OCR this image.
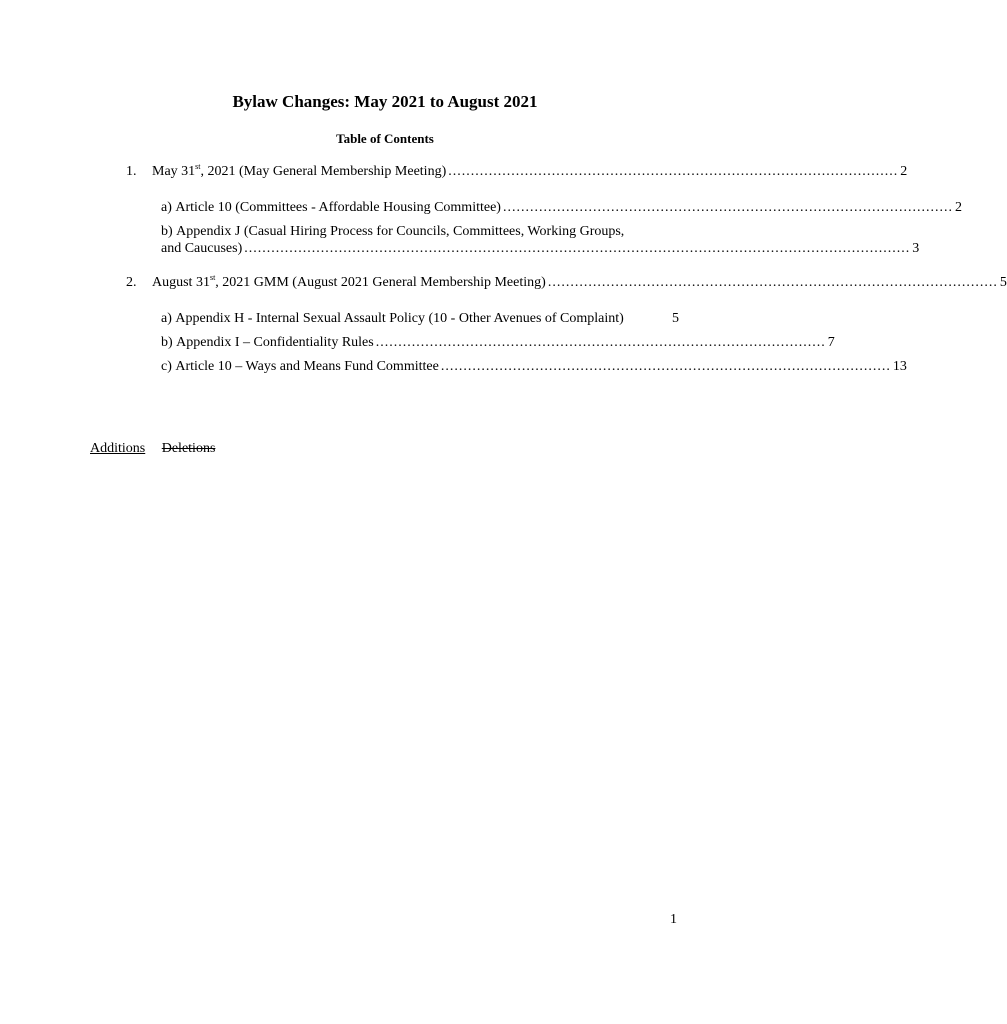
Bylaw Changes: May 2021 to August 2021
Table of Contents
1. May 31st, 2021 (May General Membership Meeting) .................................................................................................... 2
a) Article 10 (Committees - Affordable Housing Committee) .................................................................................................... 2
b) Appendix J (Casual Hiring Process for Councils, Committees, Working Groups,
and Caucuses) .................................................................................................................................................... 3
2. August 31st, 2021 GMM (August 2021 General Membership Meeting) .................................................................................................... 5
a) Appendix H - Internal Sexual Assault Policy (10 - Other Avenues of Complaint)	5
b) Appendix I – Confidentiality Rules .................................................................................................... 7
c) Article 10 – Ways and Means Fund Committee .................................................................................................... 13
Additions Deletions
1
